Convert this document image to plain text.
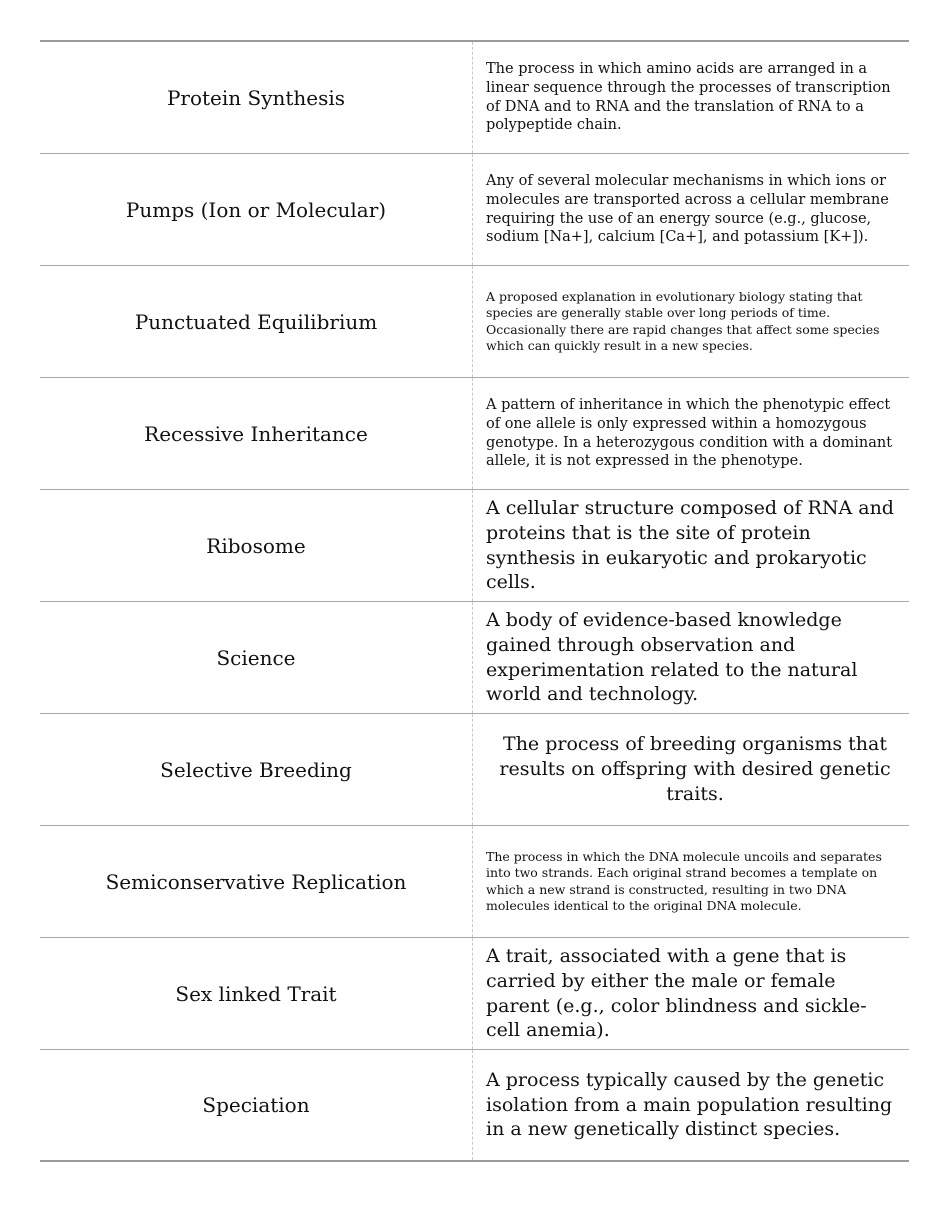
Protein Synthesis
The process in which amino acids are arranged in a linear sequence through the processes of transcription of DNA and to RNA and the translation of RNA to a polypeptide chain.
Pumps (Ion or Molecular)
Any of several molecular mechanisms in which ions or molecules are transported across a cellular membrane requiring the use of an energy source (e.g., glucose, sodium [Na+], calcium [Ca+], and potassium [K+]).
Punctuated Equilibrium
A proposed explanation in evolutionary biology stating that species are generally stable over long periods of time. Occasionally there are rapid changes that affect some species which can quickly result in a new species.
Recessive Inheritance
A pattern of inheritance in which the phenotypic effect of one allele is only expressed within a homozygous genotype. In a heterozygous condition with a dominant allele, it is not expressed in the phenotype.
Ribosome
A cellular structure composed of RNA and proteins that is the site of protein synthesis in eukaryotic and prokaryotic cells.
Science
A body of evidence-based knowledge gained through observation and experimentation related to the natural world and technology.
Selective Breeding
The process of breeding organisms that results on offspring with desired genetic traits.
Semiconservative Replication
The process in which the DNA molecule uncoils and separates into two strands. Each original strand becomes a template on which a new strand is constructed, resulting in two DNA molecules identical to the original DNA molecule.
Sex linked Trait
A trait, associated with a gene that is carried by either the male or female parent (e.g., color blindness and sickle-cell anemia).
Speciation
A process typically caused by the genetic isolation from a main population resulting in a new genetically distinct species.
